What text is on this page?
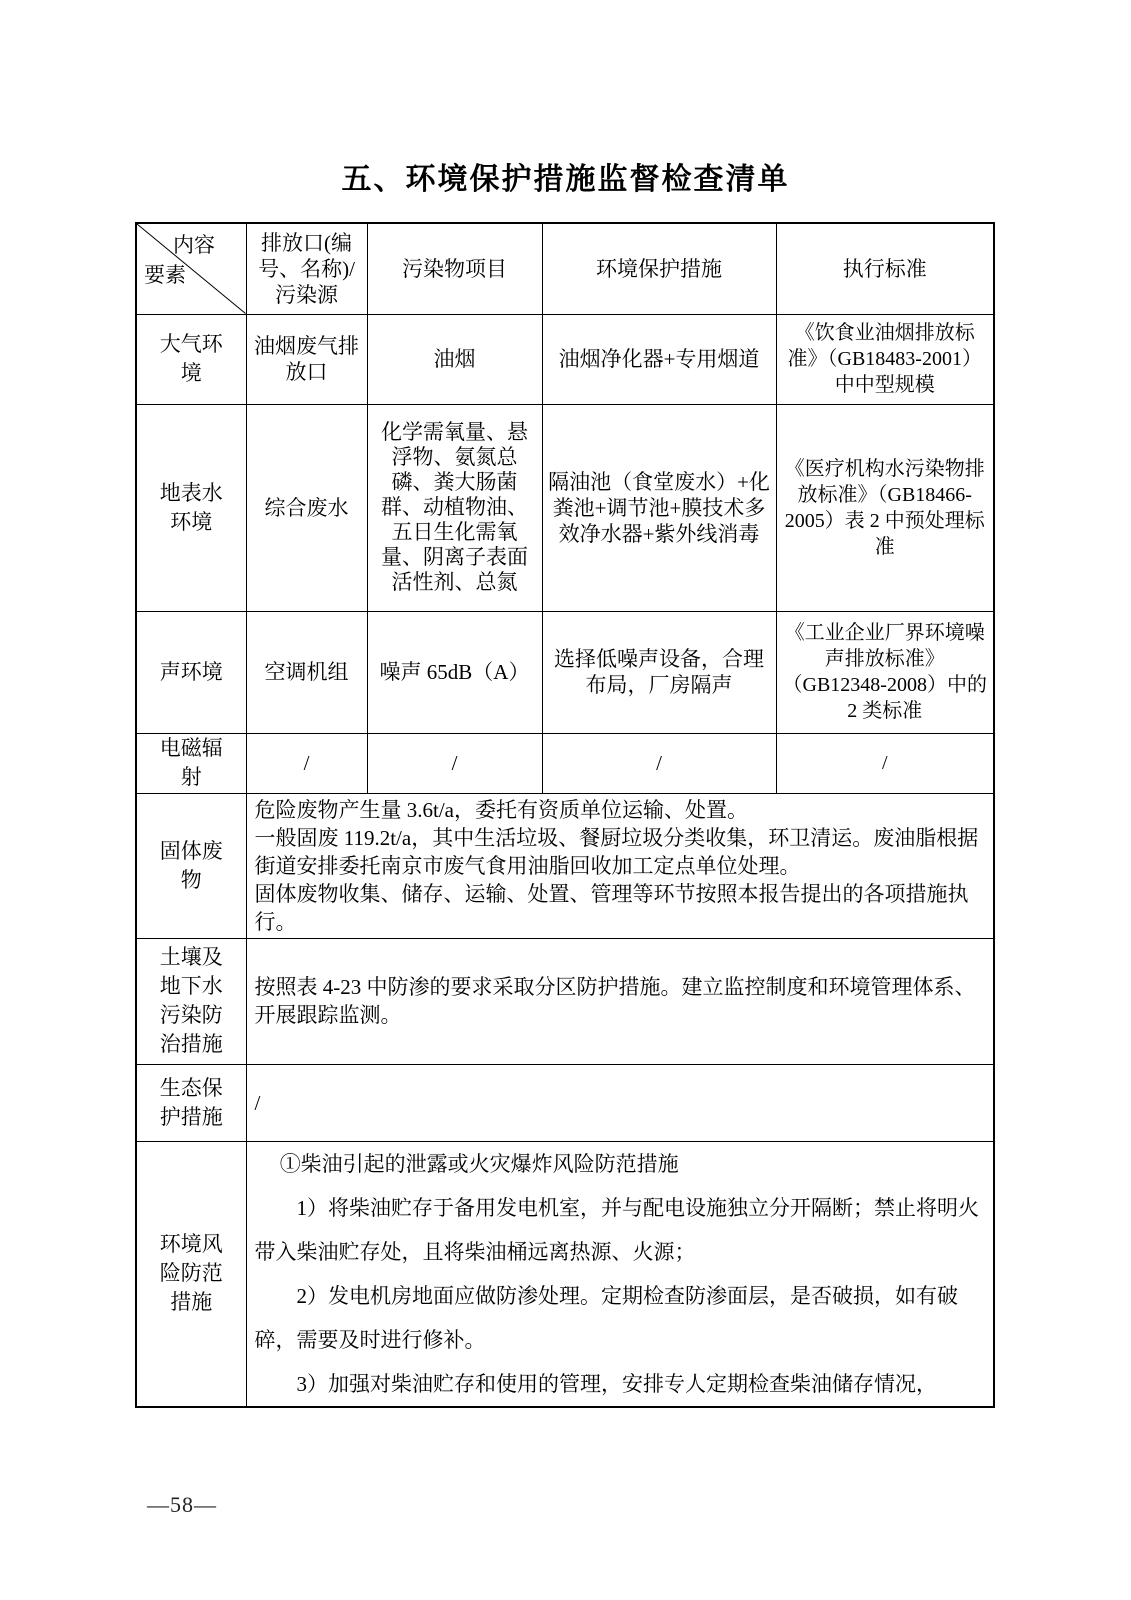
五、环境保护措施监督检查清单
内容
要素	排放口(编号、名称)/污染源	污染物项目	环境保护措施	执行标准
大气环境	油烟废气排放口	油烟	油烟净化器+专用烟道	《饮食业油烟排放标准》（GB18483-2001）中中型规模
地表水环境	综合废水	化学需氧量、悬浮物、氨氮总磷、粪大肠菌群、动植物油、五日生化需氧量、阴离子表面活性剂、总氮	隔油池（食堂废水）+化粪池+调节池+膜技术多效净水器+紫外线消毒	《医疗机构水污染物排放标准》（GB18466-2005）表 2 中预处理标准
声环境	空调机组	噪声 65dB（A）	选择低噪声设备，合理布局，厂房隔声	《工业企业厂界环境噪声排放标准》（GB12348-2008）中的 2 类标准
电磁辐射	/	/	/	/
固体废物	危险废物产生量 3.6t/a，委托有资质单位运输、处置。

一般固废 119.2t/a，其中生活垃圾、餐厨垃圾分类收集，环卫清运。废油脂根据街道安排委托南京市废气食用油脂回收加工定点单位处理。

固体废物收集、储存、运输、处置、管理等环节按照本报告提出的各项措施执行。			

土壤及地下水污染防治措施	按照表 4-23 中防渗的要求采取分区防护措施。建立监控制度和环境管理体系、开展跟踪监测。			

生态保护措施	/			

环境风险防范措施	①柴油引起的泄露或火灾爆炸风险防范措施

1）将柴油贮存于备用发电机室，并与配电设施独立分开隔断；禁止将明火带入柴油贮存处，且将柴油桶远离热源、火源；

2）发电机房地面应做防渗处理。定期检查防渗面层，是否破损，如有破碎，需要及时进行修补。

3）加强对柴油贮存和使用的管理，安排专人定期检查柴油储存情况，			

—58—
